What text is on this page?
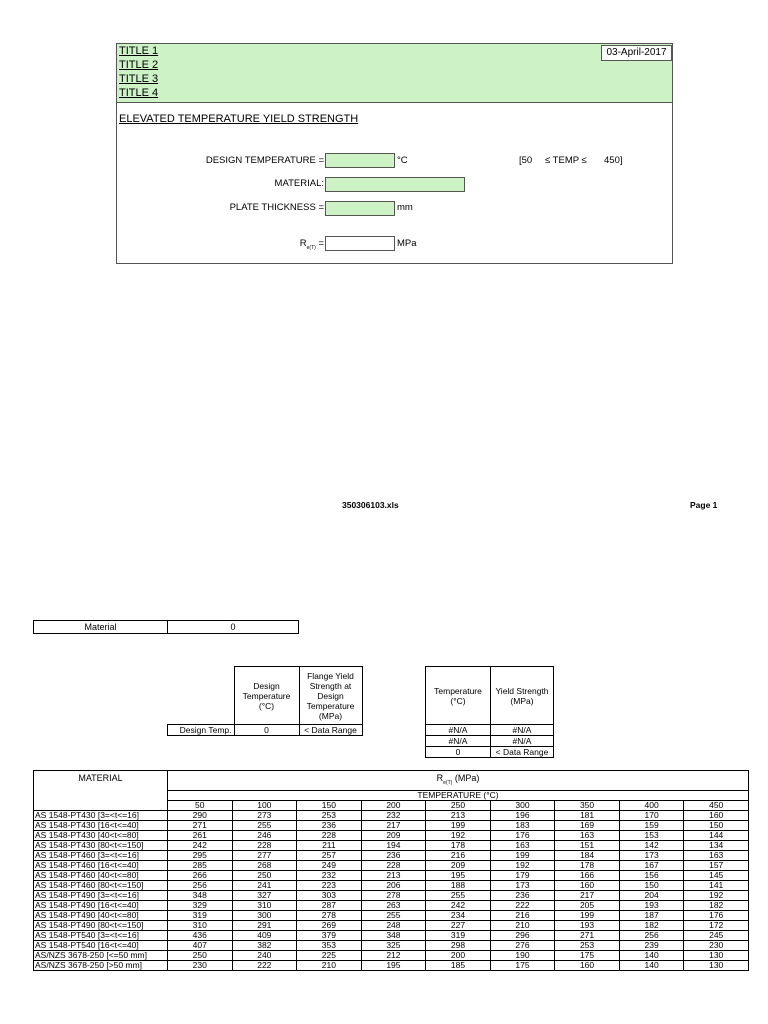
TITLE 1
TITLE 2
TITLE 3
TITLE 4
03-April-2017
ELEVATED TEMPERATURE YIELD STRENGTH
DESIGN TEMPERATURE =	°C	[50 ≤ TEMP ≤ 450]
MATERIAL:
PLATE THICKNESS =	mm
$R_{e(T)}$ =	MPa
350306103.xls	Page 1
Material	0
	Design Temperature (°C)	Flange Yield Strength at Design Temperature (MPa)
Design Temp.	0	< Data Range
Temperature (°C)	Yield Strength (MPa)
#N/A	#N/A
#N/A	#N/A
0	< Data Range
MATERIAL	$R_{e(T)}$ (MPa)								
	TEMPERATURE (°C)								
	50	100	150	200	250	300	350	400	450
AS 1548-PT430 [3=<t<=16]	290	273	253	232	213	196	181	170	160
AS 1548-PT430 [16<t<=40]	271	255	236	217	199	183	169	159	150
AS 1548-PT430 [40<t<=80]	261	246	228	209	192	176	163	153	144
AS 1548-PT430 [80<t<=150]	242	228	211	194	178	163	151	142	134
AS 1548-PT460 [3=<t<=16]	295	277	257	236	216	199	184	173	163
AS 1548-PT460 [16<t<=40]	285	268	249	228	209	192	178	167	157
AS 1548-PT460 [40<t<=80]	266	250	232	213	195	179	166	156	145
AS 1548-PT460 [80<t<=150]	256	241	223	206	188	173	160	150	141
AS 1548-PT490 [3=<t<=16]	348	327	303	278	255	236	217	204	192
AS 1548-PT490 [16<t<=40]	329	310	287	263	242	222	205	193	182
AS 1548-PT490 [40<t<=80]	319	300	278	255	234	216	199	187	176
AS 1548-PT490 [80<t<=150]	310	291	269	248	227	210	193	182	172
AS 1548-PT540 [3=<t<=16]	436	409	379	348	319	296	271	256	245
AS 1548-PT540 [16<t<=40]	407	382	353	325	298	276	253	239	230
AS/NZS 3678-250 [<=50 mm]	250	240	225	212	200	190	175	140	130
AS/NZS 3678-250 [>50 mm]	230	222	210	195	185	175	160	140	130
